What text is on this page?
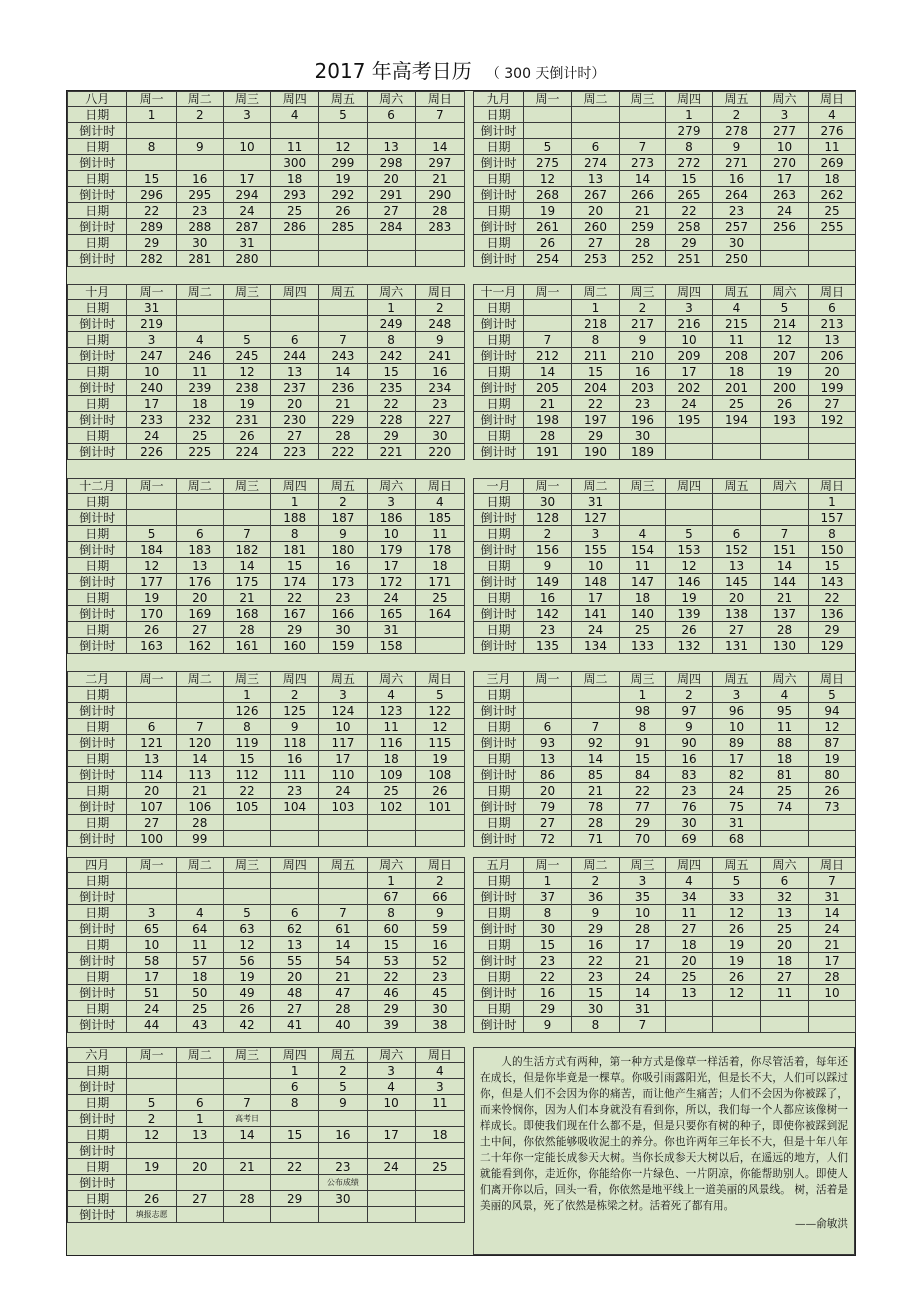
2017 年高考日历 （ 300 天倒计时）

人的生活方式有两种，第一种方式是像草一样活着，你尽管活着，每年还在成长，但是你毕竟是一棵草。你吸引雨露阳光，但是长不大，人们可以踩过你，但是人们不会因为你的痛苦，而让他产生痛苦；人们不会因为你被踩了，而来怜悯你，因为人们本身就没有看到你，所以，我们每一个人都应该像树一样成长。即使我们现在什么都不是，但是只要你有树的种子，即使你被踩到泥土中间，你依然能够吸收泥土的养分。你也许两年三年长不大，但是十年八年二十年你一定能长成参天大树。当你长成参天大树以后，在遥远的地方，人们就能看到你，走近你，你能给你一片绿色、一片阴凉，你能帮助别人。即使人们离开你以后，回头一看，你依然是地平线上一道美丽的风景线。 树，活着是美丽的风景，死了依然是栋梁之材。活着死了都有用。

——俞敏洪
八月	周一	周二	周三	周四	周五	周六	周日
日期	1	2	3	4	5	6	7
倒计时							
日期	8	9	10	11	12	13	14
倒计时				300	299	298	297
日期	15	16	17	18	19	20	21
倒计时	296	295	294	293	292	291	290
日期	22	23	24	25	26	27	28
倒计时	289	288	287	286	285	284	283
日期	29	30	31				
倒计时	282	281	280				
九月	周一	周二	周三	周四	周五	周六	周日
日期				1	2	3	4
倒计时				279	278	277	276
日期	5	6	7	8	9	10	11
倒计时	275	274	273	272	271	270	269
日期	12	13	14	15	16	17	18
倒计时	268	267	266	265	264	263	262
日期	19	20	21	22	23	24	25
倒计时	261	260	259	258	257	256	255
日期	26	27	28	29	30		
倒计时	254	253	252	251	250		
十月	周一	周二	周三	周四	周五	周六	周日
日期	31					1	2
倒计时	219					249	248
日期	3	4	5	6	7	8	9
倒计时	247	246	245	244	243	242	241
日期	10	11	12	13	14	15	16
倒计时	240	239	238	237	236	235	234
日期	17	18	19	20	21	22	23
倒计时	233	232	231	230	229	228	227
日期	24	25	26	27	28	29	30
倒计时	226	225	224	223	222	221	220
十一月	周一	周二	周三	周四	周五	周六	周日
日期		1	2	3	4	5	6
倒计时		218	217	216	215	214	213
日期	7	8	9	10	11	12	13
倒计时	212	211	210	209	208	207	206
日期	14	15	16	17	18	19	20
倒计时	205	204	203	202	201	200	199
日期	21	22	23	24	25	26	27
倒计时	198	197	196	195	194	193	192
日期	28	29	30				
倒计时	191	190	189				
十二月	周一	周二	周三	周四	周五	周六	周日
日期				1	2	3	4
倒计时				188	187	186	185
日期	5	6	7	8	9	10	11
倒计时	184	183	182	181	180	179	178
日期	12	13	14	15	16	17	18
倒计时	177	176	175	174	173	172	171
日期	19	20	21	22	23	24	25
倒计时	170	169	168	167	166	165	164
日期	26	27	28	29	30	31	
倒计时	163	162	161	160	159	158	
一月	周一	周二	周三	周四	周五	周六	周日
日期	30	31					1
倒计时	128	127					157
日期	2	3	4	5	6	7	8
倒计时	156	155	154	153	152	151	150
日期	9	10	11	12	13	14	15
倒计时	149	148	147	146	145	144	143
日期	16	17	18	19	20	21	22
倒计时	142	141	140	139	138	137	136
日期	23	24	25	26	27	28	29
倒计时	135	134	133	132	131	130	129
二月	周一	周二	周三	周四	周五	周六	周日
日期			1	2	3	4	5
倒计时			126	125	124	123	122
日期	6	7	8	9	10	11	12
倒计时	121	120	119	118	117	116	115
日期	13	14	15	16	17	18	19
倒计时	114	113	112	111	110	109	108
日期	20	21	22	23	24	25	26
倒计时	107	106	105	104	103	102	101
日期	27	28					
倒计时	100	99					
三月	周一	周二	周三	周四	周五	周六	周日
日期			1	2	3	4	5
倒计时			98	97	96	95	94
日期	6	7	8	9	10	11	12
倒计时	93	92	91	90	89	88	87
日期	13	14	15	16	17	18	19
倒计时	86	85	84	83	82	81	80
日期	20	21	22	23	24	25	26
倒计时	79	78	77	76	75	74	73
日期	27	28	29	30	31		
倒计时	72	71	70	69	68		
四月	周一	周二	周三	周四	周五	周六	周日
日期						1	2
倒计时						67	66
日期	3	4	5	6	7	8	9
倒计时	65	64	63	62	61	60	59
日期	10	11	12	13	14	15	16
倒计时	58	57	56	55	54	53	52
日期	17	18	19	20	21	22	23
倒计时	51	50	49	48	47	46	45
日期	24	25	26	27	28	29	30
倒计时	44	43	42	41	40	39	38
五月	周一	周二	周三	周四	周五	周六	周日
日期	1	2	3	4	5	6	7
倒计时	37	36	35	34	33	32	31
日期	8	9	10	11	12	13	14
倒计时	30	29	28	27	26	25	24
日期	15	16	17	18	19	20	21
倒计时	23	22	21	20	19	18	17
日期	22	23	24	25	26	27	28
倒计时	16	15	14	13	12	11	10
日期	29	30	31				
倒计时	9	8	7				
六月	周一	周二	周三	周四	周五	周六	周日
日期				1	2	3	4
倒计时				6	5	4	3
日期	5	6	7	8	9	10	11
倒计时	2	1	高考日				
日期	12	13	14	15	16	17	18
倒计时							
日期	19	20	21	22	23	24	25
倒计时					公布成绩		
日期	26	27	28	29	30		
倒计时	填报志愿						
